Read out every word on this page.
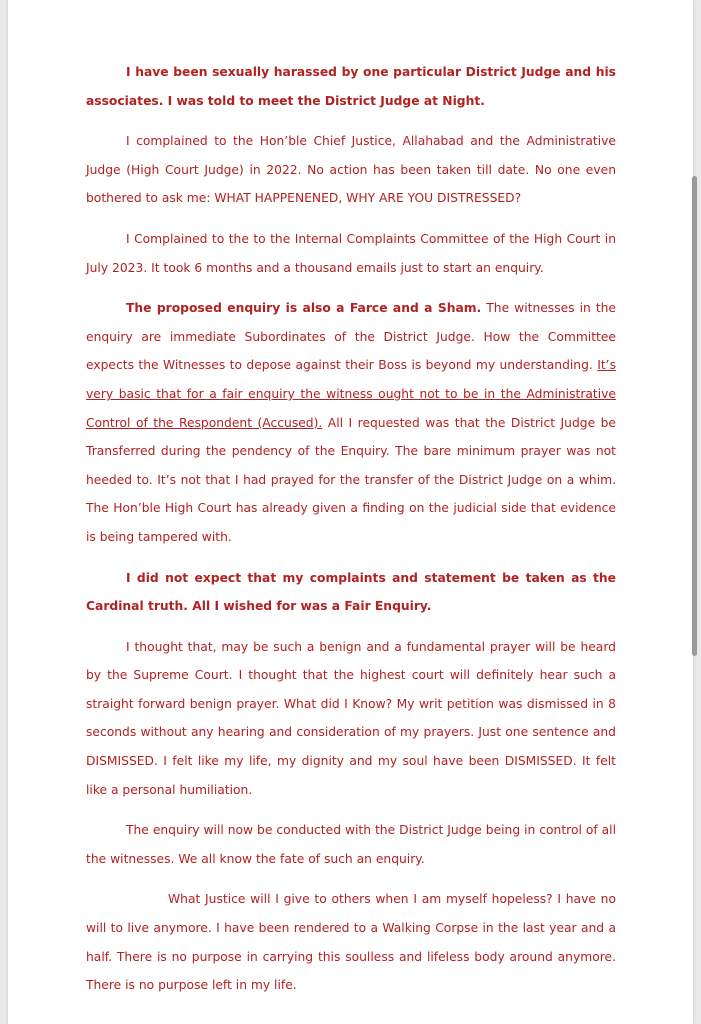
I have been sexually harassed by one particular District Judge and his associates. I was told to meet the District Judge at Night.

I complained to the Hon’ble Chief Justice, Allahabad and the Administrative Judge (High Court Judge) in 2022. No action has been taken till date. No one even bothered to ask me: WHAT HAPPENENED, WHY ARE YOU DISTRESSED?

I Complained to the to the Internal Complaints Committee of the High Court in July 2023. It took 6 months and a thousand emails just to start an enquiry.

The proposed enquiry is also a Farce and a Sham. The witnesses in the enquiry are immediate Subordinates of the District Judge. How the Committee expects the Witnesses to depose against their Boss is beyond my understanding. It’s very basic that for a fair enquiry the witness ought not to be in the Administrative Control of the Respondent (Accused). All I requested was that the District Judge be Transferred during the pendency of the Enquiry. The bare minimum prayer was not heeded to. It’s not that I had prayed for the transfer of the District Judge on a whim. The Hon’ble High Court has already given a finding on the judicial side that evidence is being tampered with.

I did not expect that my complaints and statement be taken as the Cardinal truth. All I wished for was a Fair Enquiry.

I thought that, may be such a benign and a fundamental prayer will be heard by the Supreme Court. I thought that the highest court will definitely hear such a straight forward benign prayer. What did I Know? My writ petition was dismissed in 8 seconds without any hearing and consideration of my prayers. Just one sentence and DISMISSED. I felt like my life, my dignity and my soul have been DISMISSED. It felt like a personal humiliation.

The enquiry will now be conducted with the District Judge being in control of all the witnesses. We all know the fate of such an enquiry.

What Justice will I give to others when I am myself hopeless? I have no will to live anymore. I have been rendered to a Walking Corpse in the last year and a half. There is no purpose in carrying this soulless and lifeless body around anymore. There is no purpose left in my life.
